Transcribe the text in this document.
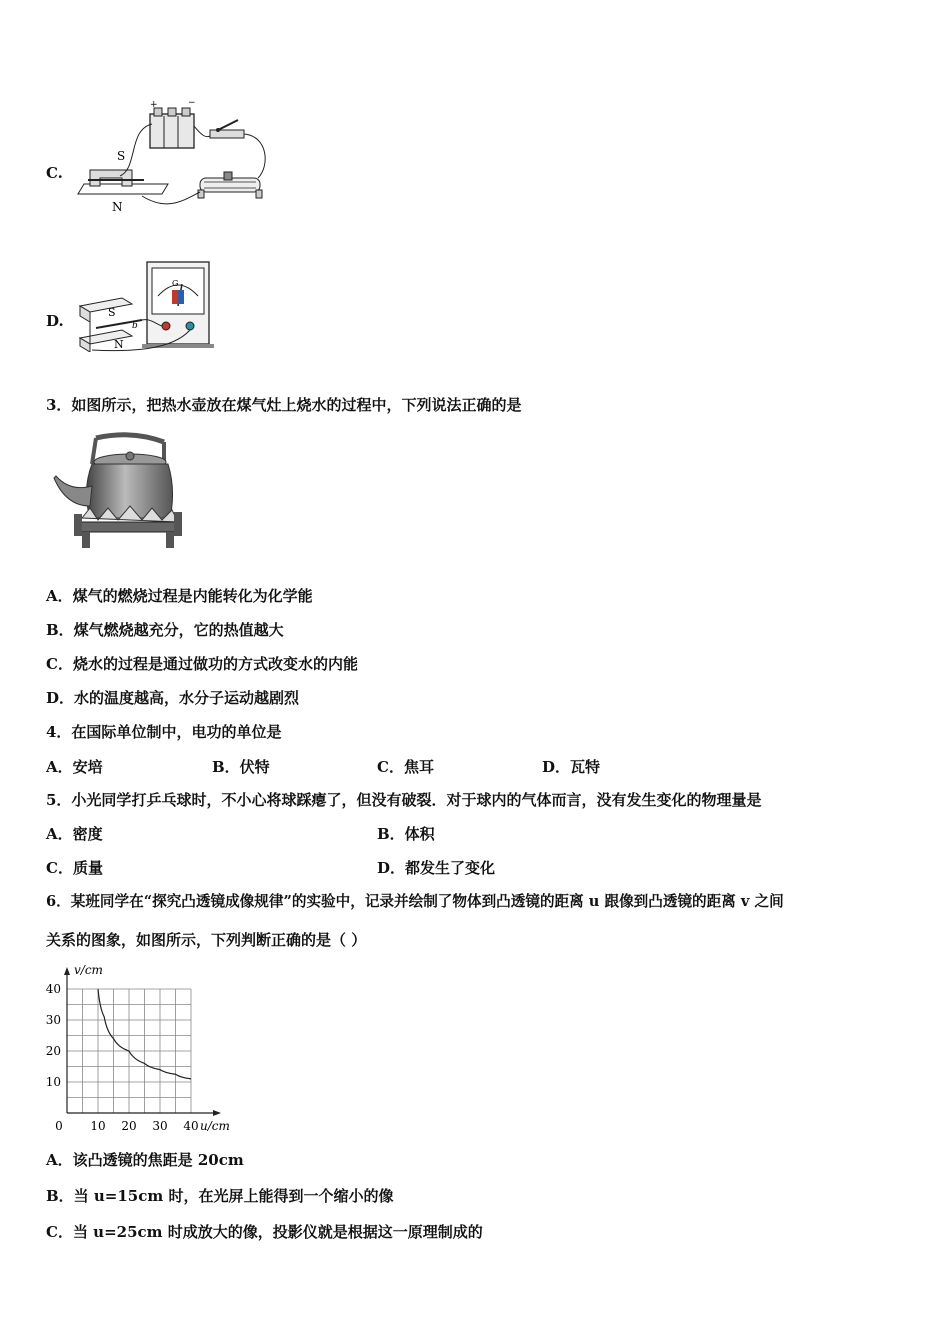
C.
+	−
S
N
D.	S
N
b
G
3．如图所示，把热水壶放在煤气灶上烧水的过程中，下列说法正确的是
A．煤气的燃烧过程是内能转化为化学能
B．煤气燃烧越充分，它的热值越大
C．烧水的过程是通过做功的方式改变水的内能
D．水的温度越高，水分子运动越剧烈
4．在国际单位制中，电功的单位是
A．安培	B．伏特	C．焦耳	D．瓦特
5．小光同学打乒乓球时，不小心将球踩瘪了，但没有破裂．对于球内的气体而言，没有发生变化的物理量是
A．密度	B．体积
C．质量	D．都发生了变化
6．某班同学在“探究凸透镜成像规律”的实验中，记录并绘制了物体到凸透镜的距离 u 跟像到凸透镜的距离 v 之间
关系的图象，如图所示，下列判断正确的是（ ）
0 10 20 30 40
10
20
30
40
v/cm
u/cm
A．该凸透镜的焦距是 20cm
B．当 u=15cm 时，在光屏上能得到一个缩小的像
C．当 u=25cm 时成放大的像，投影仪就是根据这一原理制成的
